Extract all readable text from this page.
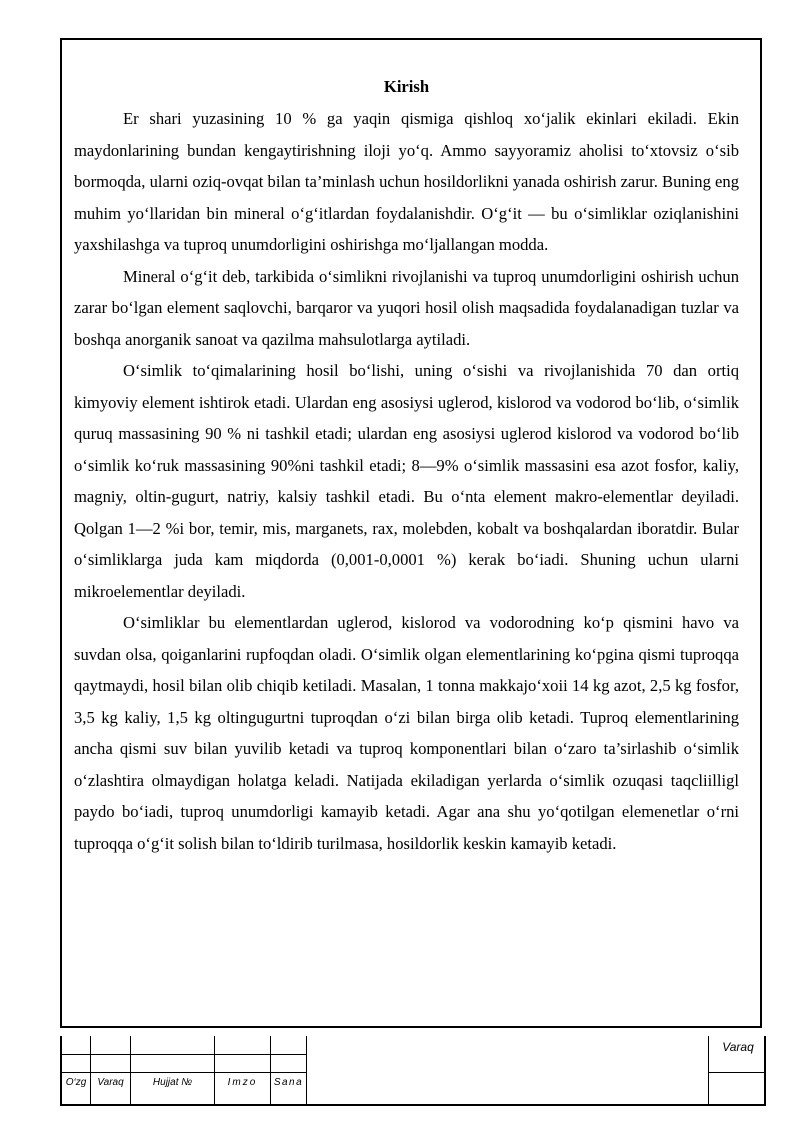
Kirish

Er shari yuzasining 10 % ga yaqin qismiga qishloq xo‘jalik ekinlari ekiladi. Ekin maydonlarining bundan kengaytirishning iloji yo‘q. Ammo sayyoramiz aholisi to‘xtovsiz o‘sib bormoqda, ularni oziq-ovqat bilan ta’minlash uchun hosildorlikni yanada oshirish zarur. Buning eng muhim yo‘llaridan bin mineral o‘g‘itlardan foydalanishdir. O‘g‘it — bu o‘simliklar oziqlanishini yaxshilashga va tuproq unumdorligini oshirishga mo‘ljallangan modda.

Mineral o‘g‘it deb, tarkibida o‘simlikni rivojlanishi va tuproq unumdorligini oshirish uchun zarar bo‘lgan element saqlovchi, barqaror va yuqori hosil olish maqsadida foydalanadigan tuzlar va boshqa anorganik sanoat va qazilma mahsulotlarga aytiladi.

O‘simlik to‘qimalarining hosil bo‘lishi, uning o‘sishi va rivojlanishida 70 dan ortiq kimyoviy element ishtirok etadi. Ulardan eng asosiysi uglerod, kislorod va vodorod bo‘lib, o‘simlik quruq massasining 90 % ni tashkil etadi; ulardan eng asosiysi uglerod kislorod va vodorod bo‘lib o‘simlik ko‘ruk massasining 90%ni tashkil etadi; 8—9% o‘simlik massasini esa azot fosfor, kaliy, magniy, oltin-gugurt, natriy, kalsiy tashkil etadi. Bu o‘nta element makro-elementlar deyiladi. Qolgan 1—2 %i bor, temir, mis, marganets, rax, molebden, kobalt va boshqalardan iboratdir. Bular o‘simliklarga juda kam miqdorda (0,001-0,0001 %) kerak bo‘iadi. Shuning uchun ularni mikroelementlar deyiladi.

O‘simliklar bu elementlardan uglerod, kislorod va vodorodning ko‘p qismini havo va suvdan olsa, qoiganlarini rupfoqdan oladi. O‘simlik olgan elementlarining ko‘pgina qismi tuproqqa qaytmaydi, hosil bilan olib chiqib ketiladi. Masalan, 1 tonna makkajo‘xoii 14 kg azot, 2,5 kg fosfor, 3,5 kg kaliy, 1,5 kg oltingugurtni tuproqdan o‘zi bilan birga olib ketadi. Tuproq elementlarining ancha qismi suv bilan yuvilib ketadi va tuproq komponentlari bilan o‘zaro ta’sirlashib o‘simlik o‘zlashtira olmaydigan holatga keladi. Natijada ekiladigan yerlarda o‘simlik ozuqasi taqcliilligl paydo bo‘iadi, tuproq unumdorligi kamayib ketadi. Agar ana shu yo‘qotilgan elemenetlar o‘rni tuproqqa o‘g‘it solish bilan to‘ldirib turilmasa, hosildorlik keskin kamayib ketadi.

O‘zg	Varaq	Hujjat №	Imzo	Sana
Varaq
